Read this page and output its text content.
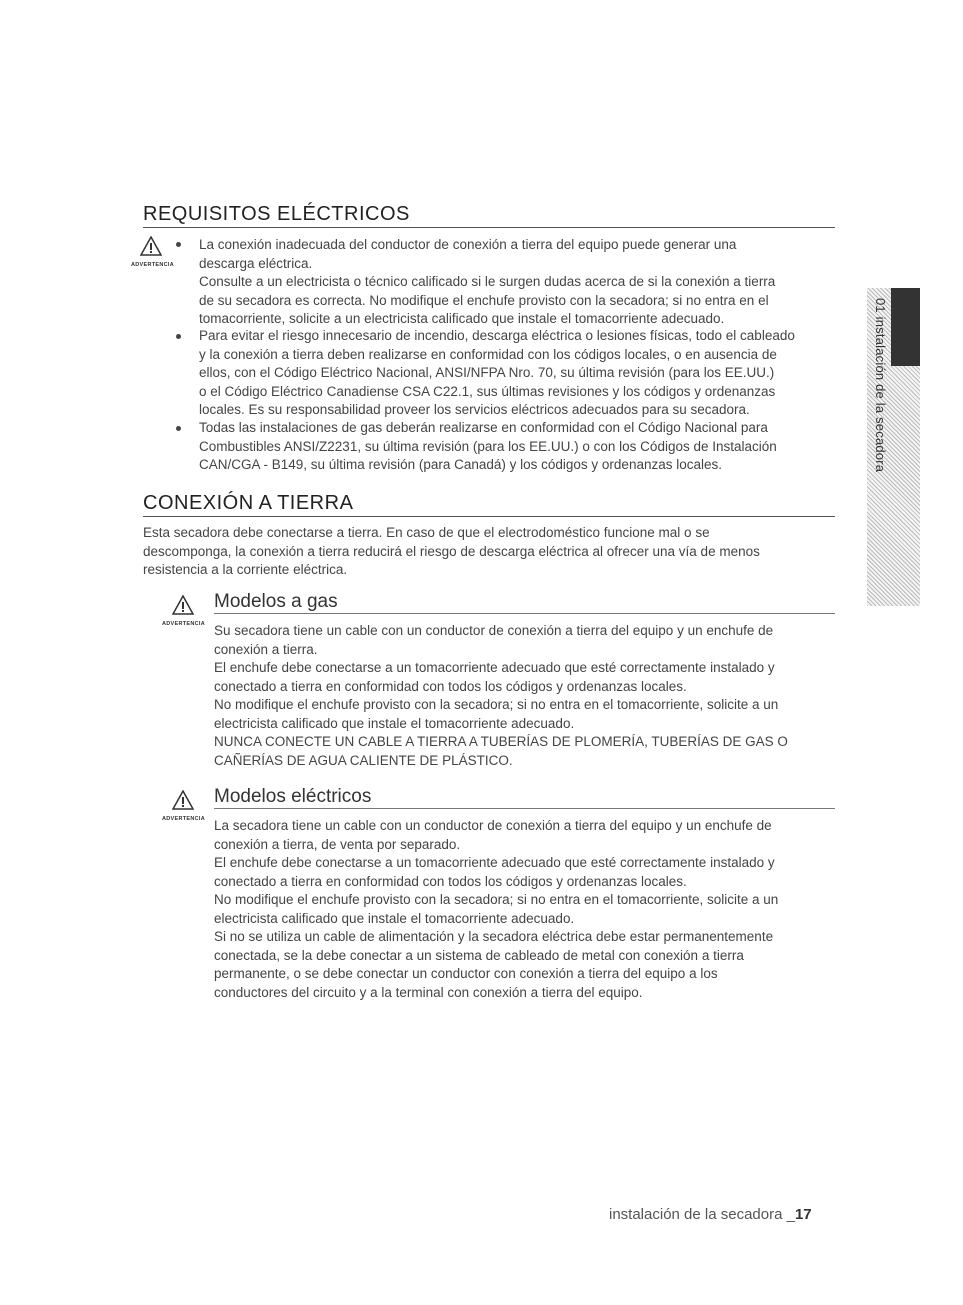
REQUISITOS ELÉCTRICOS
ADVERTENCIA
La conexión inadecuada del conductor de conexión a tierra del equipo puede generar una
descarga eléctrica.
Consulte a un electricista o técnico calificado si le surgen dudas acerca de si la conexión a tierra
de su secadora es correcta. No modifique el enchufe provisto con la secadora; si no entra en el
tomacorriente, solicite a un electricista calificado que instale el tomacorriente adecuado.
Para evitar el riesgo innecesario de incendio, descarga eléctrica o lesiones físicas, todo el cableado
y la conexión a tierra deben realizarse en conformidad con los códigos locales, o en ausencia de
ellos, con el Código Eléctrico Nacional, ANSI/NFPA Nro. 70, su última revisión (para los EE.UU.)
o el Código Eléctrico Canadiense CSA C22.1, sus últimas revisiones y los códigos y ordenanzas
locales. Es su responsabilidad proveer los servicios eléctricos adecuados para su secadora.
Todas las instalaciones de gas deberán realizarse en conformidad con el Código Nacional para
Combustibles ANSI/Z2231, su última revisión (para los EE.UU.) o con los Códigos de Instalación
CAN/CGA - B149, su última revisión (para Canadá) y los códigos y ordenanzas locales.
CONEXIÓN A TIERRA
Esta secadora debe conectarse a tierra. En caso de que el electrodoméstico funcione mal o se
descomponga, la conexión a tierra reducirá el riesgo de descarga eléctrica al ofrecer una vía de menos
resistencia a la corriente eléctrica.
ADVERTENCIA
Modelos a gas
Su secadora tiene un cable con un conductor de conexión a tierra del equipo y un enchufe de
conexión a tierra.
El enchufe debe conectarse a un tomacorriente adecuado que esté correctamente instalado y
conectado a tierra en conformidad con todos los códigos y ordenanzas locales.
No modifique el enchufe provisto con la secadora; si no entra en el tomacorriente, solicite a un
electricista calificado que instale el tomacorriente adecuado.
NUNCA CONECTE UN CABLE A TIERRA A TUBERÍAS DE PLOMERÍA, TUBERÍAS DE GAS O
CAÑERÍAS DE AGUA CALIENTE DE PLÁSTICO.
ADVERTENCIA
Modelos eléctricos
La secadora tiene un cable con un conductor de conexión a tierra del equipo y un enchufe de
conexión a tierra, de venta por separado.
El enchufe debe conectarse a un tomacorriente adecuado que esté correctamente instalado y
conectado a tierra en conformidad con todos los códigos y ordenanzas locales.
No modifique el enchufe provisto con la secadora; si no entra en el tomacorriente, solicite a un
electricista calificado que instale el tomacorriente adecuado.
Si no se utiliza un cable de alimentación y la secadora eléctrica debe estar permanentemente
conectada, se la debe conectar a un sistema de cableado de metal con conexión a tierra
permanente, o se debe conectar un conductor con conexión a tierra del equipo a los
conductores del circuito y a la terminal con conexión a tierra del equipo.
01 instalación de la secadora
instalación de la secadora _17
